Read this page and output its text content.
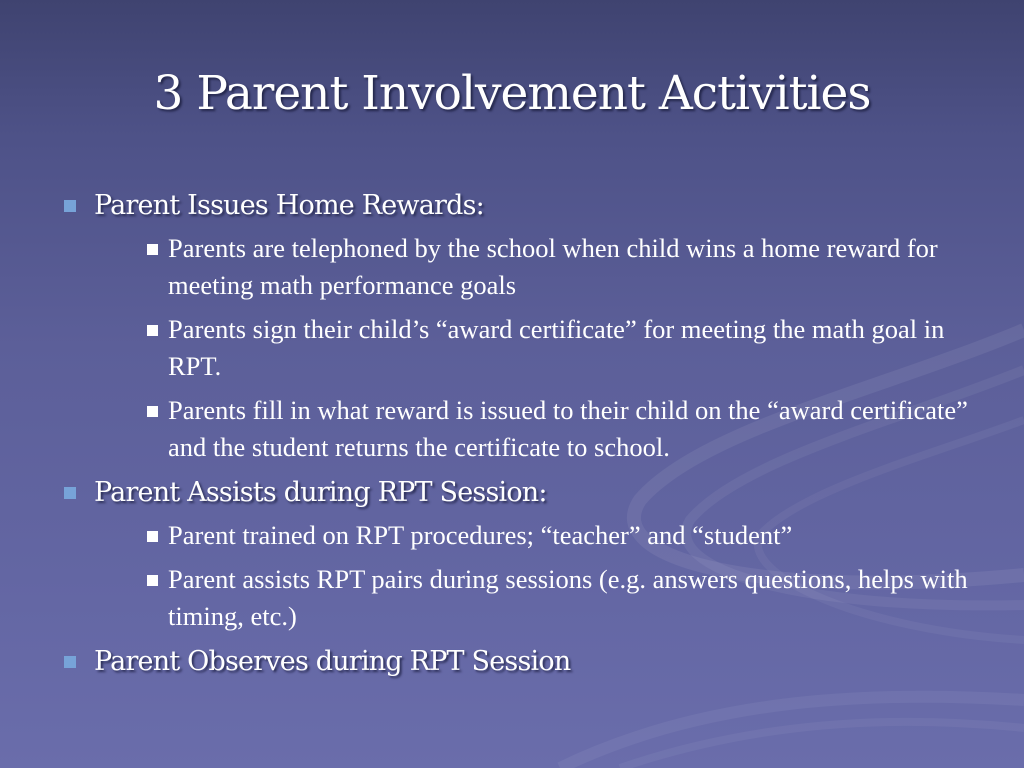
3 Parent Involvement Activities
Parent Issues Home Rewards:
Parents are telephoned by the school when child wins a home reward for meeting math performance goals
Parents sign their child’s “award certificate” for meeting the math goal in RPT.
Parents fill in what reward is issued to their child on the “award certificate” and the student returns the certificate to school.
Parent Assists during RPT Session:
Parent trained on RPT procedures; “teacher” and “student”
Parent assists RPT pairs during sessions (e.g. answers questions, helps with timing, etc.)
Parent Observes during RPT Session
